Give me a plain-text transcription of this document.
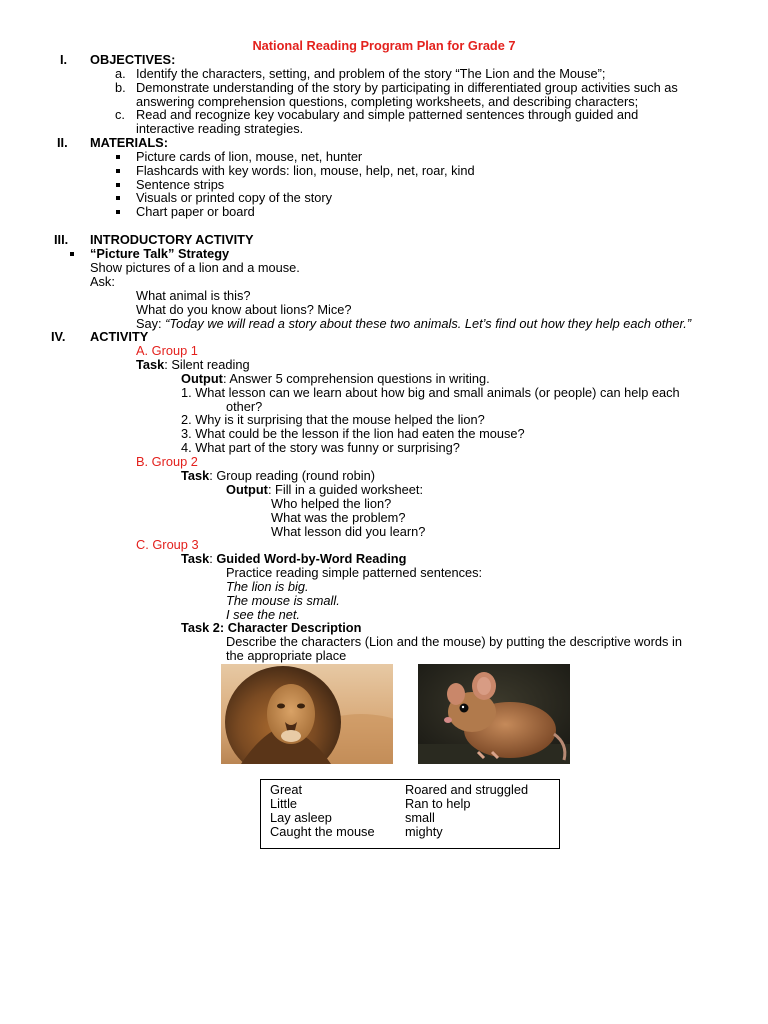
National Reading Program Plan for Grade 7
I. OBJECTIVES:
a. Identify the characters, setting, and problem of the story “The Lion and the Mouse”;
b. Demonstrate understanding of the story by participating in differentiated group activities such as
answering comprehension questions, completing worksheets, and describing characters;
c. Read and recognize key vocabulary and simple patterned sentences through guided and
interactive reading strategies.
II. MATERIALS:
Picture cards of lion, mouse, net, hunter
Flashcards with key words: lion, mouse, help, net, roar, kind
Sentence strips
Visuals or printed copy of the story
Chart paper or board
III. INTRODUCTORY ACTIVITY
“Picture Talk” Strategy
Show pictures of a lion and a mouse.
Ask:
What animal is this?
What do you know about lions? Mice?
Say: “Today we will read a story about these two animals. Let’s find out how they help each other.”
IV. ACTIVITY
A. Group 1
Task: Silent reading
Output: Answer 5 comprehension questions in writing.
1. What lesson can we learn about how big and small animals (or people) can help each
other?
2. Why is it surprising that the mouse helped the lion?
3. What could be the lesson if the lion had eaten the mouse?
4. What part of the story was funny or surprising?
B. Group 2
Task: Group reading (round robin)
Output: Fill in a guided worksheet:
Who helped the lion?
What was the problem?
What lesson did you learn?
C. Group 3
Task: Guided Word-by-Word Reading
Practice reading simple patterned sentences:
The lion is big.
The mouse is small.
I see the net.
Task 2: Character Description
Describe the characters (Lion and the mouse) by putting the descriptive words in
the appropriate place
Great
Little
Lay asleep
Caught the mouse
Roared and struggled
Ran to help
small
mighty
